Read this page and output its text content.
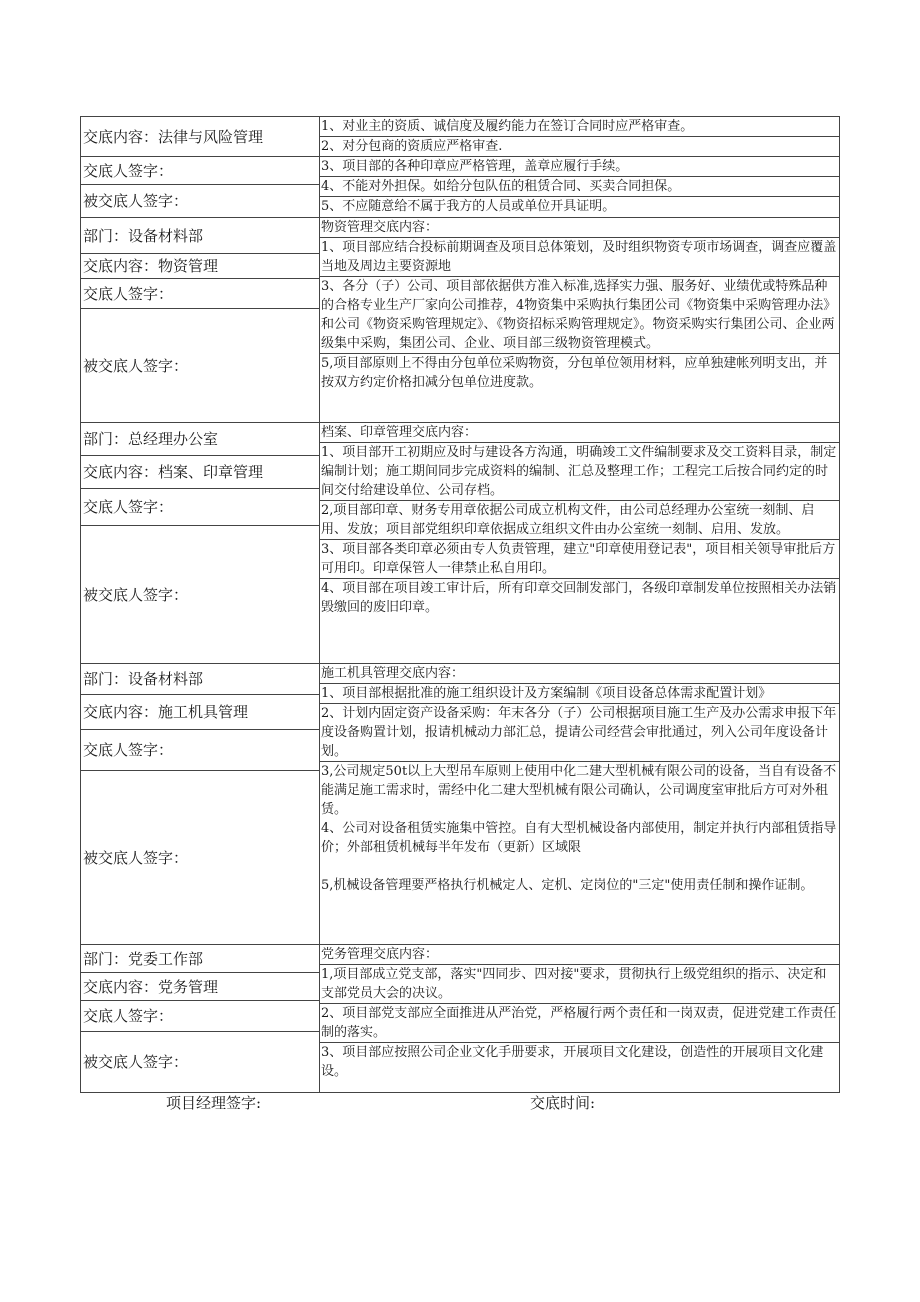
交底内容：法律与风险管理
交底人签字：
被交底人签字：
1、对业主的资质、诚信度及履约能力在签订合同时应严格审查。
2、对分包商的资质应严格审查.
3、项目部的各种印章应严格管理，盖章应履行手续。
4、不能对外担保。如给分包队伍的租赁合同、买卖合同担保。
5、不应随意给不属于我方的人员或单位开具证明。
部门：设备材料部
交底内容：物资管理
交底人签字：
被交底人签字：
物资管理交底内容：
1、项目部应结合投标前期调查及项目总体策划，及时组织物资专项市场调查，调查应覆盖当地及周边主要资源地
3、各分（子）公司、项目部依据供方准入标准,选择实力强、服务好、业绩优或特殊品种的合格专业生产厂家向公司推荐，4物资集中采购执行集团公司《物资集中采购管理办法》和公司《物资采购管理规定》、《物资招标采购管理规定》。物资采购实行集团公司、企业两级集中采购，集团公司、企业、项目部三级物资管理模式。
5,项目部原则上不得由分包单位采购物资，分包单位领用材料，应单独建帐列明支出，并按双方约定价格扣减分包单位进度款。
部门：总经理办公室
交底内容：档案、印章管理
交底人签字：
被交底人签字：
档案、印章管理交底内容：
1、项目部开工初期应及时与建设各方沟通，明确竣工文件编制要求及交工资料目录，制定编制计划；施工期间同步完成资料的编制、汇总及整理工作；工程完工后按合同约定的时间交付给建设单位、公司存档。
2,项目部印章、财务专用章依据公司成立机构文件，由公司总经理办公室统一刻制、启用、发放；项目部党组织印章依据成立组织文件由办公室统一刻制、启用、发放。
3、项目部各类印章必须由专人负责管理，建立"印章使用登记表"，项目相关领导审批后方可用印。印章保管人一律禁止私自用印。
4、项目部在项目竣工审计后，所有印章交回制发部门，各级印章制发单位按照相关办法销毁缴回的废旧印章。
部门：设备材料部
交底内容：施工机具管理
交底人签字：
被交底人签字：
施工机具管理交底内容：
1、项目部根据批准的施工组织设计及方案编制《项目设备总体需求配置计划》
2、计划内固定资产设备采购：年末各分（子）公司根据项目施工生产及办公需求申报下年度设备购置计划，报请机械动力部汇总，提请公司经营会审批通过，列入公司年度设备计划。
3,公司规定50t以上大型吊车原则上使用中化二建大型机械有限公司的设备，当自有设备不能满足施工需求时，需经中化二建大型机械有限公司确认，公司调度室审批后方可对外租赁。
4、公司对设备租赁实施集中管控。自有大型机械设备内部使用，制定并执行内部租赁指导价；外部租赁机械每半年发布（更新）区域限

5,机械设备管理要严格执行机械定人、定机、定岗位的"三定"使用责任制和操作证制。
部门：党委工作部
交底内容：党务管理
交底人签字：
被交底人签字：
党务管理交底内容：
1,项目部成立党支部，落实"四同步、四对接"要求，贯彻执行上级党组织的指示、决定和支部党员大会的决议。
2、项目部党支部应全面推进从严治党，严格履行两个责任和一岗双责，促进党建工作责任制的落实。
3、项目部应按照公司企业文化手册要求，开展项目文化建设，创造性的开展项目文化建设。
项目经理签字:	交底时间:
